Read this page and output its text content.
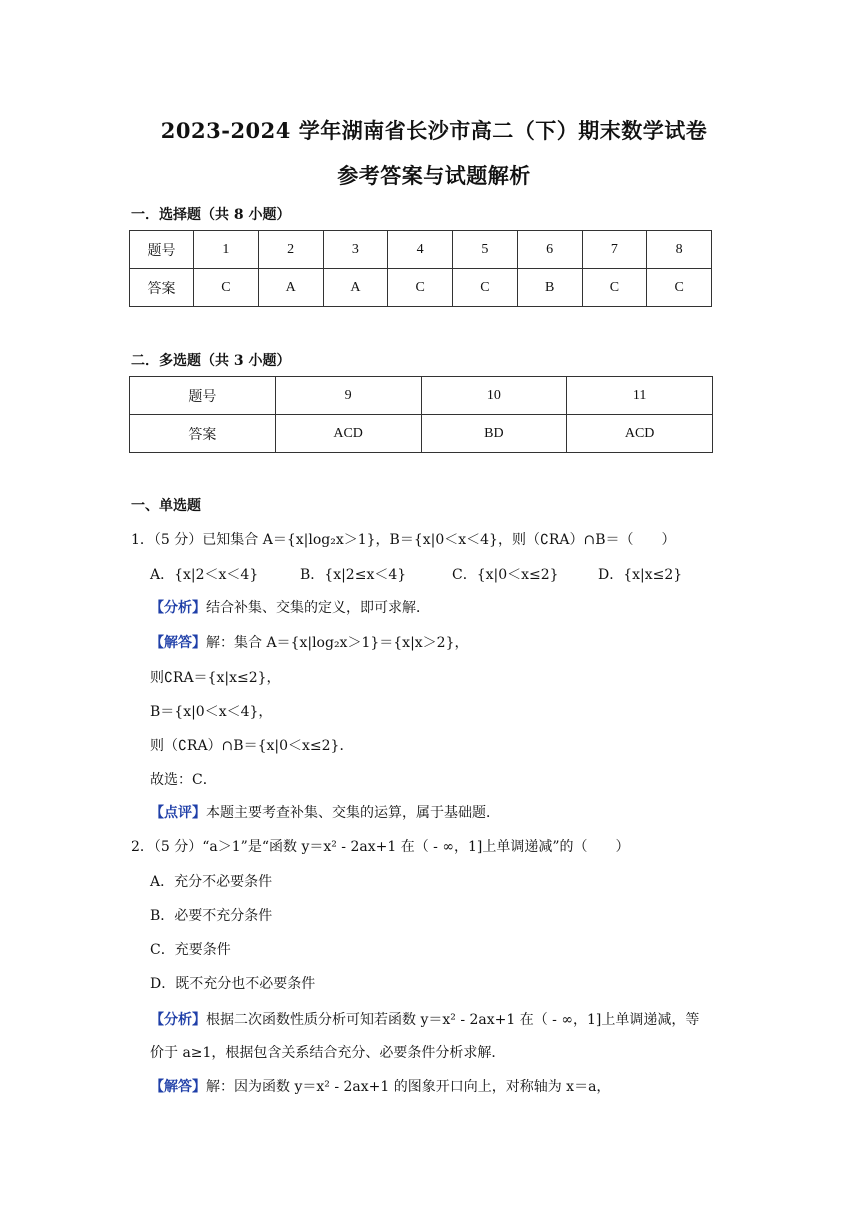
2023-2024 学年湖南省长沙市高二（下）期末数学试卷
参考答案与试题解析
一．选择题（共 8 小题）
题号	1	2	3	4	5	6	7	8
答案	C	A	A	C	C	B	C	C
二．多选题（共 3 小题）
题号	9	10	11
答案	ACD	BD	ACD
一、单选题
1．（5 分）已知集合 A＝{x|log₂x＞1}，B＝{x|0＜x＜4}，则（∁RA）∩B＝（　　）
A．{x|2＜x＜4}	B．{x|2≤x＜4}	C．{x|0＜x≤2}	D．{x|x≤2}
【分析】结合补集、交集的定义，即可求解．
【解答】解：集合 A＝{x|log₂x＞1}＝{x|x＞2}，
则∁RA＝{x|x≤2}，
B＝{x|0＜x＜4}，
则（∁RA）∩B＝{x|0＜x≤2}．
故选：C．
【点评】本题主要考查补集、交集的运算，属于基础题．
2．（5 分）“a＞1”是“函数 y＝x² - 2ax+1 在（ - ∞，1]上单调递减”的（　　）
A．充分不必要条件
B．必要不充分条件
C．充要条件
D．既不充分也不必要条件
【分析】根据二次函数性质分析可知若函数 y＝x² - 2ax+1 在（ - ∞，1]上单调递减，等
价于 a≥1，根据包含关系结合充分、必要条件分析求解．
【解答】解：因为函数 y＝x² - 2ax+1 的图象开口向上，对称轴为 x＝a，
